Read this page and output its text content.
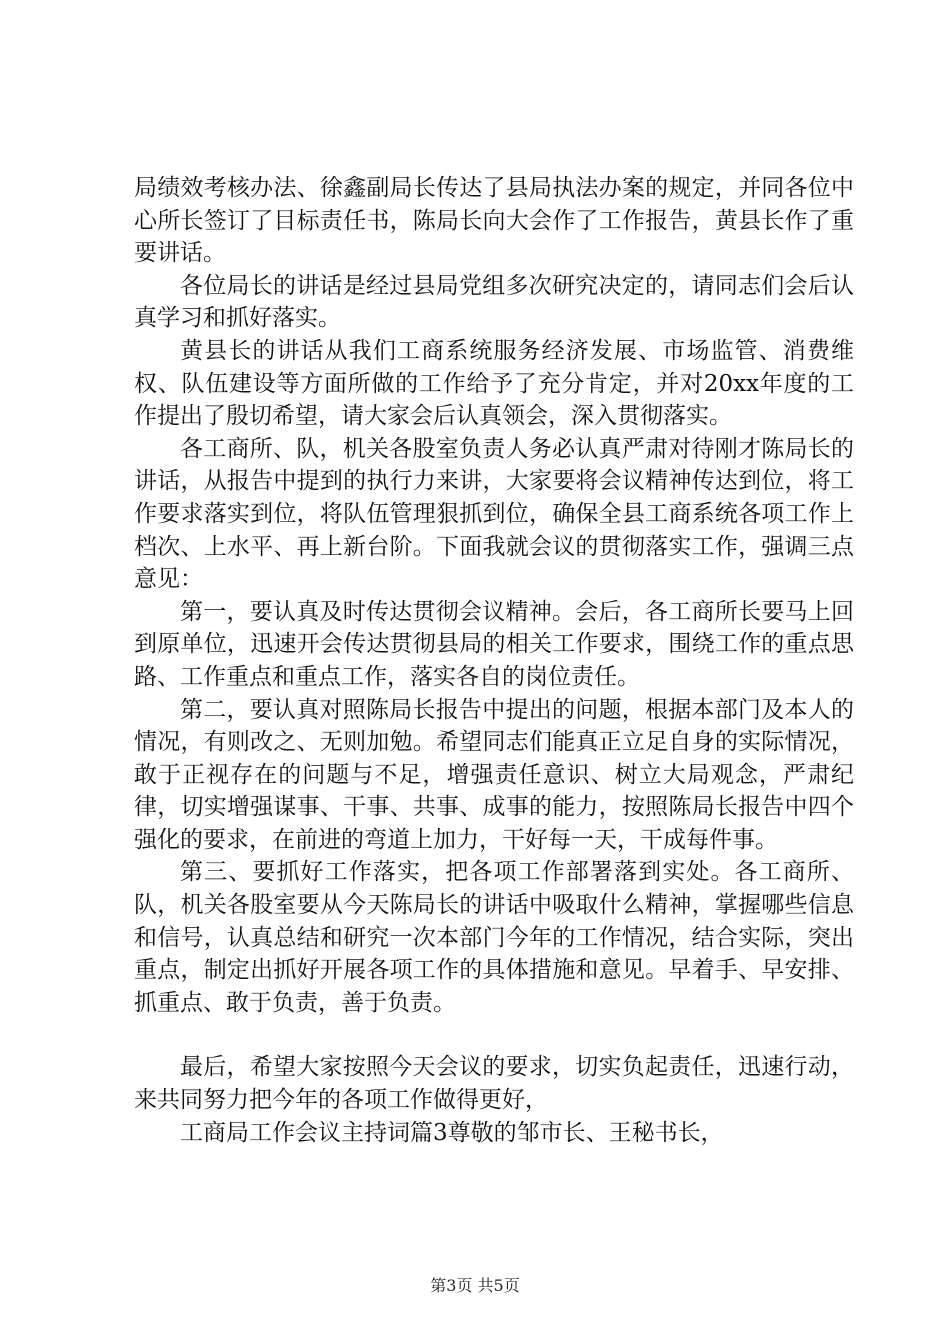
局绩效考核办法、徐鑫副局长传达了县局执法办案的规定，并同各位中心所长签订了目标责任书，陈局长向大会作了工作报告，黄县长作了重要讲话。

各位局长的讲话是经过县局党组多次研究决定的，请同志们会后认真学习和抓好落实。

黄县长的讲话从我们工商系统服务经济发展、市场监管、消费维权、队伍建设等方面所做的工作给予了充分肯定，并对20xx年度的工作提出了殷切希望，请大家会后认真领会，深入贯彻落实。

各工商所、队，机关各股室负责人务必认真严肃对待刚才陈局长的讲话，从报告中提到的执行力来讲，大家要将会议精神传达到位，将工作要求落实到位，将队伍管理狠抓到位，确保全县工商系统各项工作上档次、上水平、再上新台阶。下面我就会议的贯彻落实工作，强调三点意见：

第一，要认真及时传达贯彻会议精神。会后，各工商所长要马上回到原单位，迅速开会传达贯彻县局的相关工作要求，围绕工作的重点思路、工作重点和重点工作，落实各自的岗位责任。

第二，要认真对照陈局长报告中提出的问题，根据本部门及本人的情况，有则改之、无则加勉。希望同志们能真正立足自身的实际情况，敢于正视存在的问题与不足，增强责任意识、树立大局观念，严肃纪律，切实增强谋事、干事、共事、成事的能力，按照陈局长报告中四个强化的要求，在前进的弯道上加力，干好每一天，干成每件事。

第三、要抓好工作落实，把各项工作部署落到实处。各工商所、队，机关各股室要从今天陈局长的讲话中吸取什么精神，掌握哪些信息和信号，认真总结和研究一次本部门今年的工作情况，结合实际，突出重点，制定出抓好开展各项工作的具体措施和意见。早着手、早安排、抓重点、敢于负责，善于负责。

最后，希望大家按照今天会议的要求，切实负起责任，迅速行动，来共同努力把今年的各项工作做得更好，

工商局工作会议主持词篇3尊敬的邹市长、王秘书长，

第3页 共5页
